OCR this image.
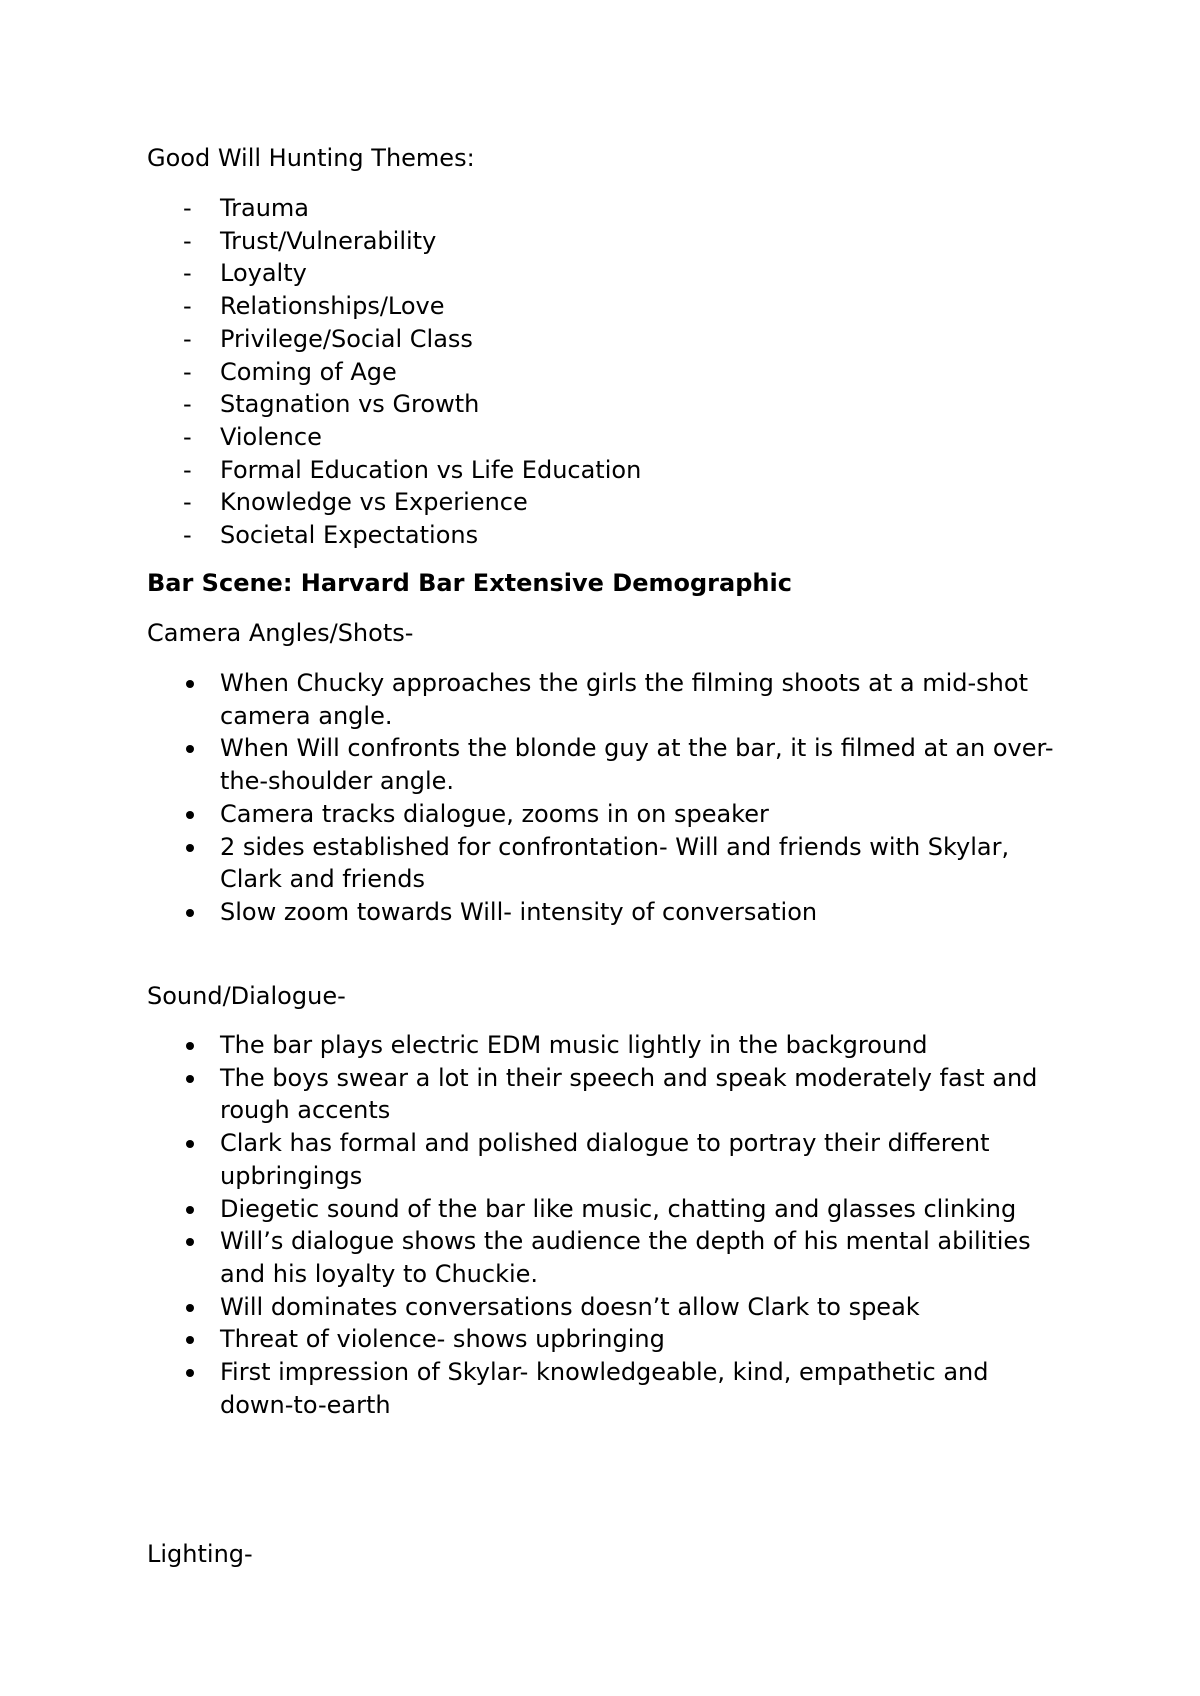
Good Will Hunting Themes:

- Trauma
- Trust/Vulnerability
- Loyalty
- Relationships/Love
- Privilege/Social Class
- Coming of Age
- Stagnation vs Growth
- Violence
- Formal Education vs Life Education
- Knowledge vs Experience
- Societal Expectations

Bar Scene: Harvard Bar Extensive Demographic

Camera Angles/Shots-

When Chucky approaches the girls the filming shoots at a mid-shot camera angle.
When Will confronts the blonde guy at the bar, it is filmed at an over-the-shoulder angle.
Camera tracks dialogue, zooms in on speaker
2 sides established for confrontation- Will and friends with Skylar, Clark and friends
Slow zoom towards Will- intensity of conversation

Sound/Dialogue-

The bar plays electric EDM music lightly in the background
The boys swear a lot in their speech and speak moderately fast and rough accents
Clark has formal and polished dialogue to portray their different upbringings
Diegetic sound of the bar like music, chatting and glasses clinking
Will’s dialogue shows the audience the depth of his mental abilities and his loyalty to Chuckie.
Will dominates conversations doesn’t allow Clark to speak
Threat of violence- shows upbringing
First impression of Skylar- knowledgeable, kind, empathetic and down-to-earth

Lighting-
